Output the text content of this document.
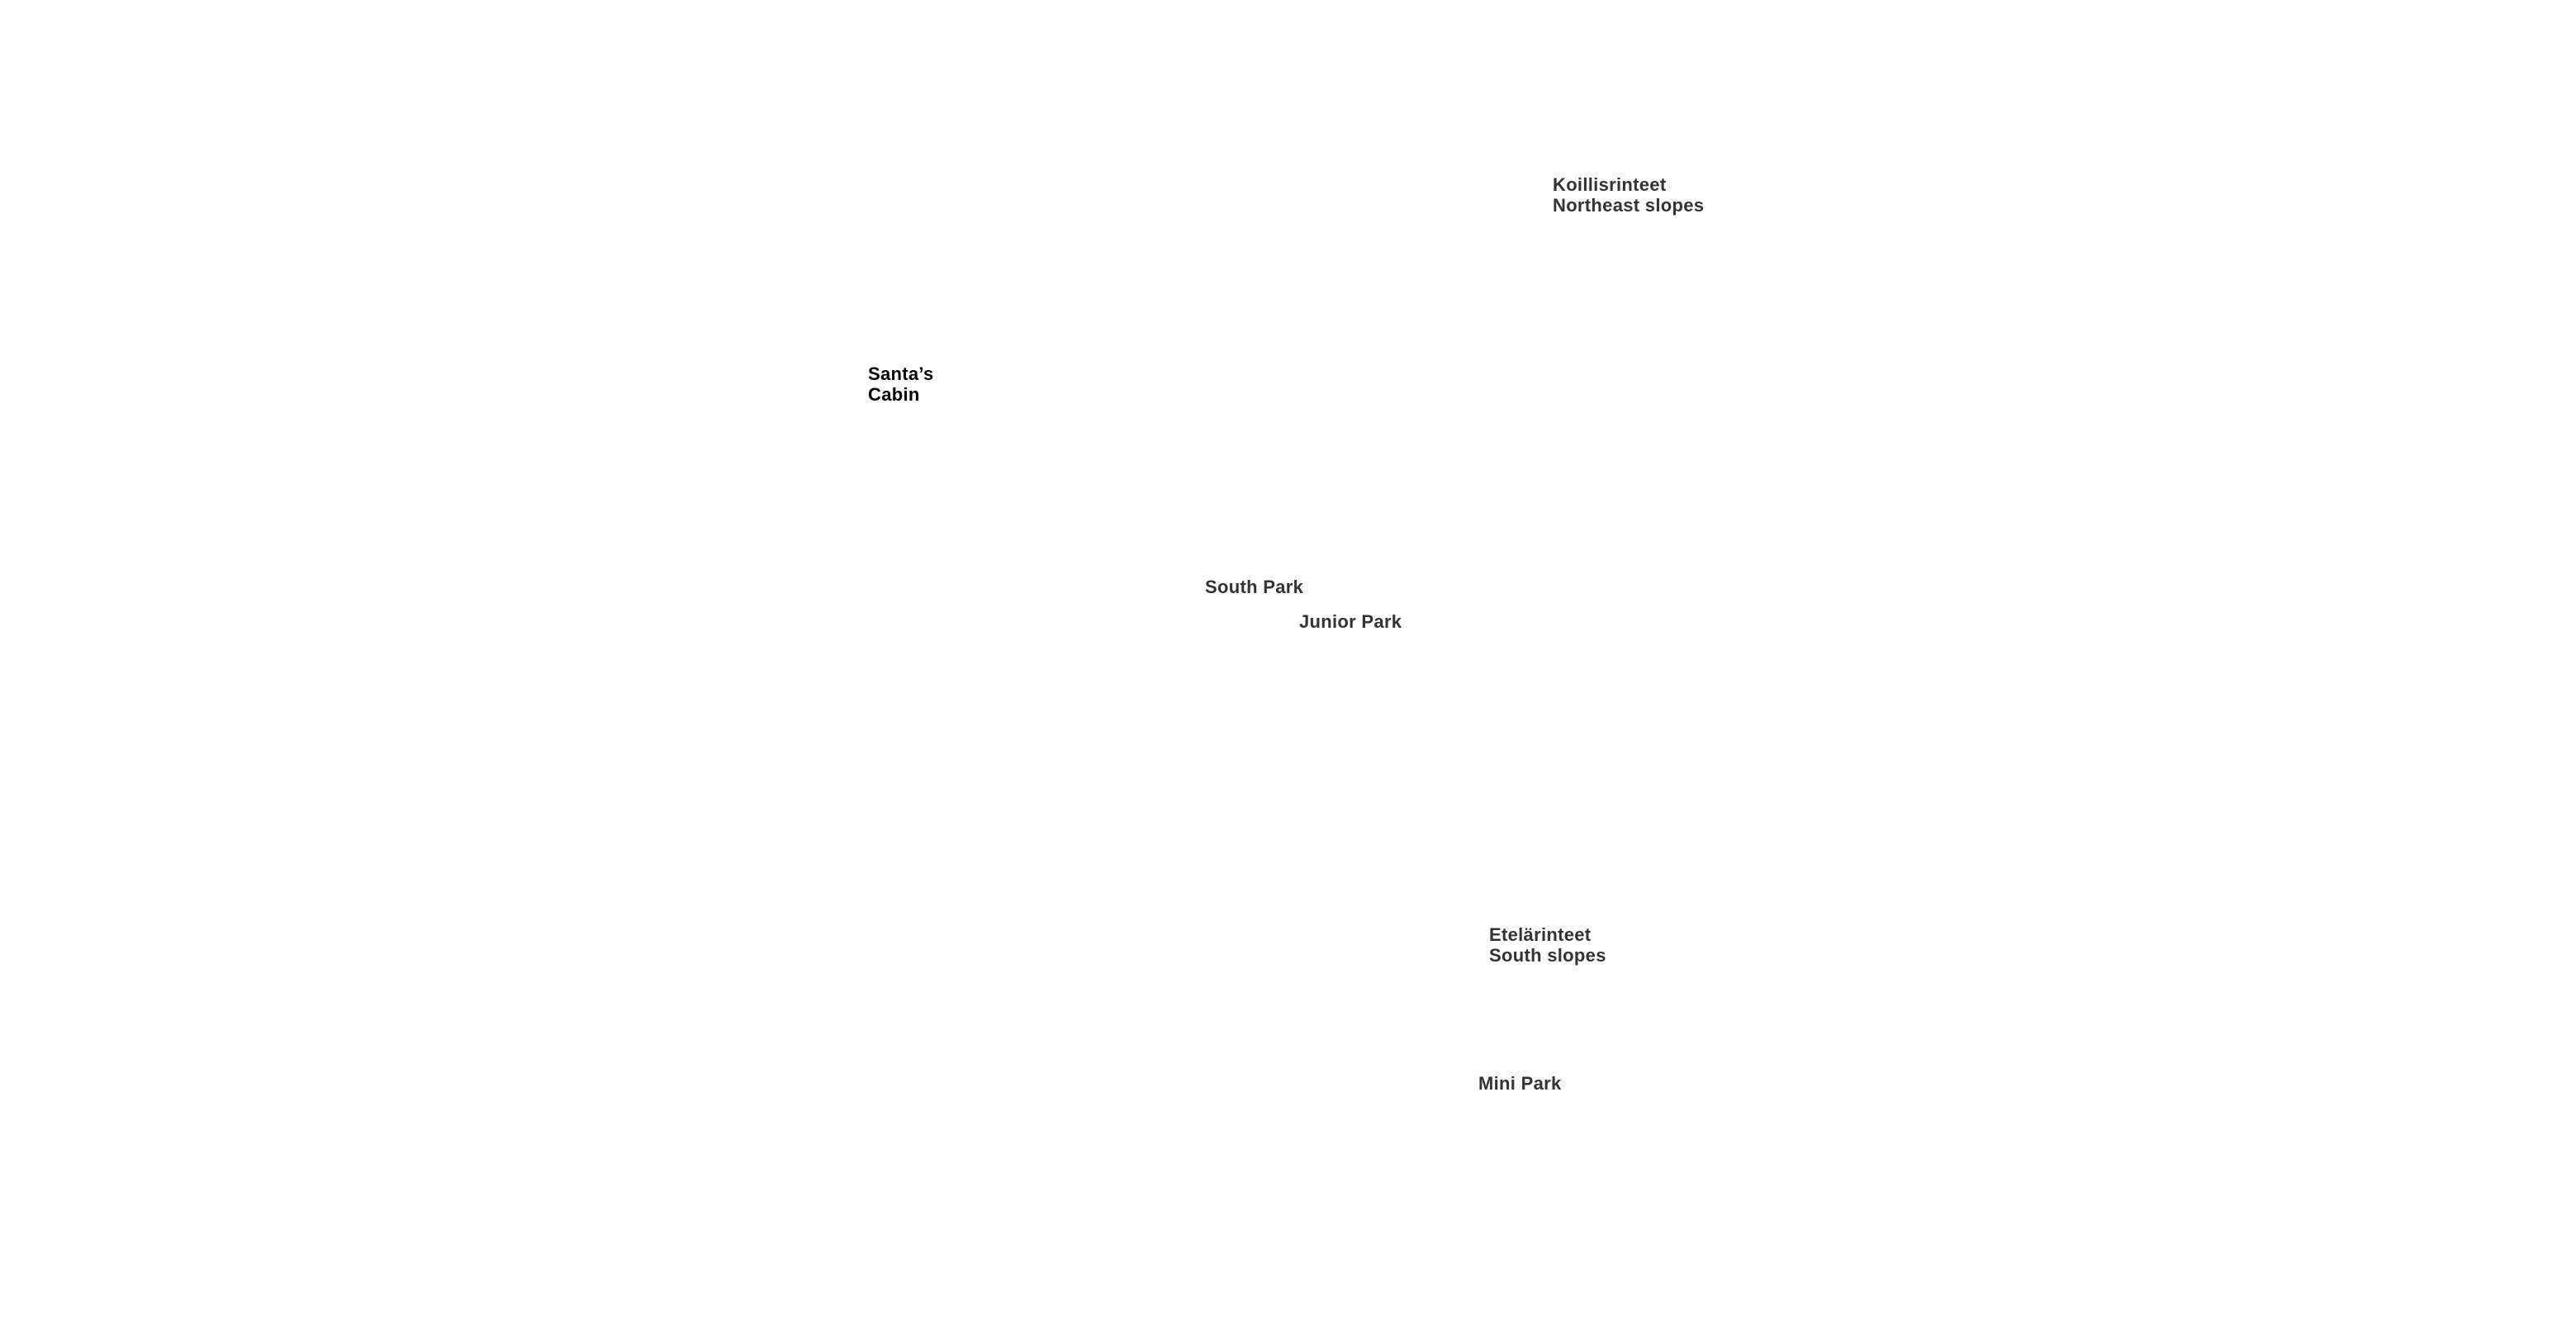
Koillisrinteet
Northeast slopes
Santa’s
Cabin
South Park
Junior Park
Etelärinteet
South slopes
Mini Park
